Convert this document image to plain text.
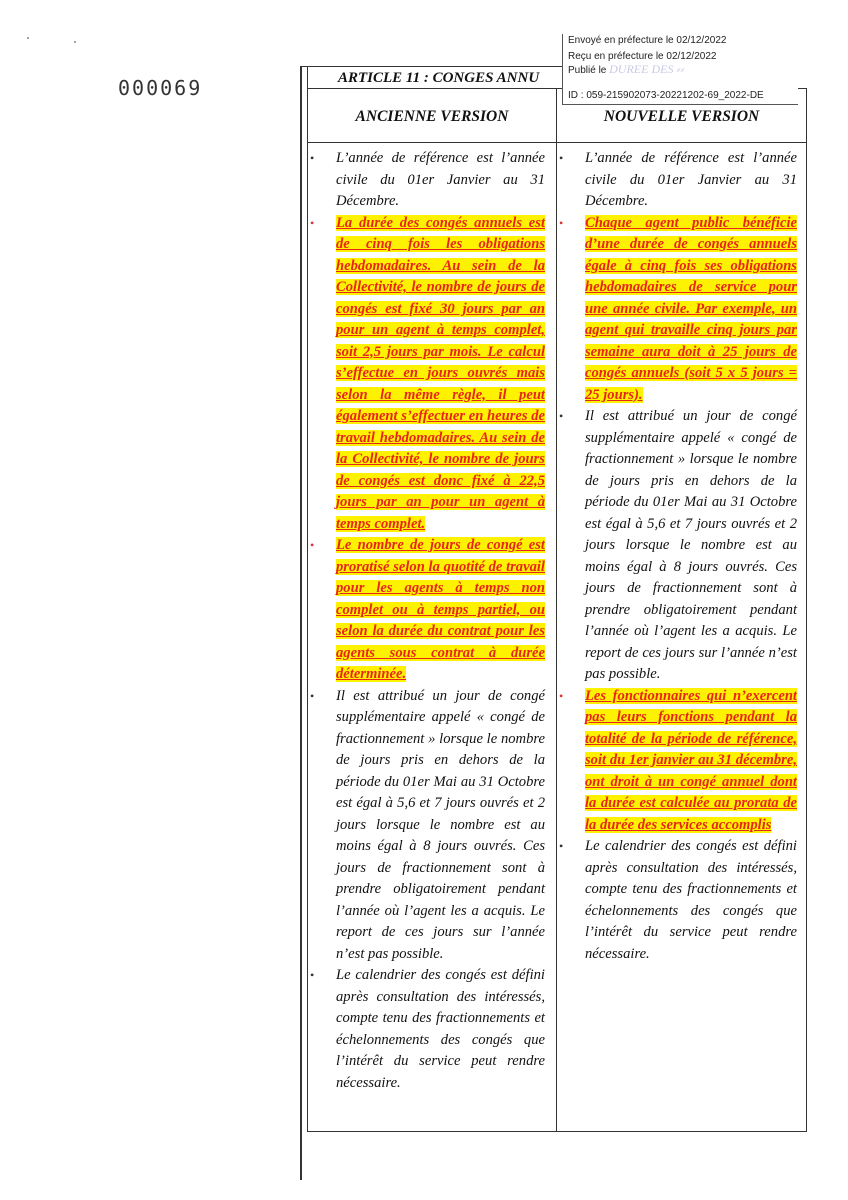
000069	ARTICLE 11 : CONGES ANNU
Envoyé en préfecture le 02/12/2022
Reçu en préfecture le 02/12/2022
Publié le DUREE DES ⸗⸗
ID : 059-215902073-20221202-69_2022-DE
ANCIENNE VERSION	NOUVELLE VERSION
• L’année de référence est l’année civile du 01er Janvier au 31 Décembre.
• La durée des congés annuels est de cinq fois les obligations hebdomadaires. Au sein de la Collectivité, le nombre de jours de congés est fixé 30 jours par an pour un agent à temps complet, soit 2,5 jours par mois. Le calcul s’effectue en jours ouvrés mais selon la même règle, il peut également s’effectuer en heures de travail hebdomadaires. Au sein de la Collectivité, le nombre de jours de congés est donc fixé à 22,5 jours par an pour un agent à temps complet.
• Le nombre de jours de congé est proratisé selon la quotité de travail pour les agents à temps non complet ou à temps partiel, ou selon la durée du contrat pour les agents sous contrat à durée déterminée.
• Il est attribué un jour de congé supplémentaire appelé « congé de fractionnement » lorsque le nombre de jours pris en dehors de la période du 01er Mai au 31 Octobre est égal à 5,6 et 7 jours ouvrés et 2 jours lorsque le nombre est au moins égal à 8 jours ouvrés. Ces jours de fractionnement sont à prendre obligatoirement pendant l’année où l’agent les a acquis. Le report de ces jours sur l’année n’est pas possible.
• Le calendrier des congés est défini après consultation des intéressés, compte tenu des fractionnements et échelonnements des congés que l’intérêt du service peut rendre nécessaire.
• L’année de référence est l’année civile du 01er Janvier au 31 Décembre.
• Chaque agent public bénéficie d’une durée de congés annuels égale à cinq fois ses obligations hebdomadaires de service pour une année civile. Par exemple, un agent qui travaille cinq jours par semaine aura doit à 25 jours de congés annuels (soit 5 x 5 jours = 25 jours).
• Il est attribué un jour de congé supplémentaire appelé « congé de fractionnement » lorsque le nombre de jours pris en dehors de la période du 01er Mai au 31 Octobre est égal à 5,6 et 7 jours ouvrés et 2 jours lorsque le nombre est au moins égal à 8 jours ouvrés. Ces jours de fractionnement sont à prendre obligatoirement pendant l’année où l’agent les a acquis. Le report de ces jours sur l’année n’est pas possible.
• Les fonctionnaires qui n’exercent pas leurs fonctions pendant la totalité de la période de référence, soit du 1er janvier au 31 décembre, ont droit à un congé annuel dont la durée est calculée au prorata de la durée des services accomplis
• Le calendrier des congés est défini après consultation des intéressés, compte tenu des fractionnements et échelonnements des congés que l’intérêt du service peut rendre nécessaire.
